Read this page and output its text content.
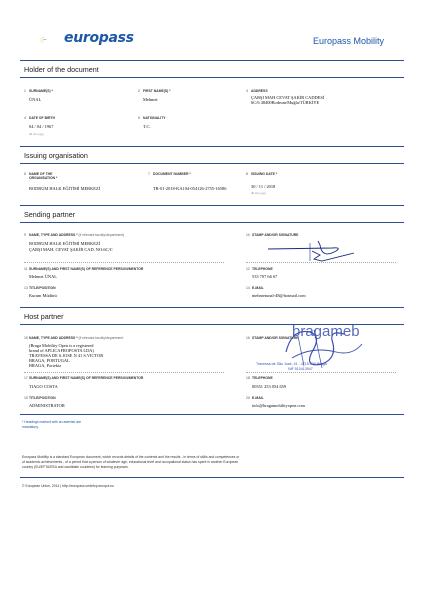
europass	Europass Mobility
Holder of the document
1 SURNAME(S) *
ÜNAL
2 FIRST NAME(S) *
Mehmet
3 ADDRESS
ÇARŞI MAH CEVAT ŞAKİR CADDESİ
6C/6 48400Bodrum/Muğla/TÜRKİYE
4 DATE OF BIRTH
04 / 04 / 1967
dd mm yyyy
5 NATIONALITY
T.C.
Issuing organisation
6 NAME OF THE ORGANISATION *
BODRUM HALK EĞİTİMİ MERKEZİ
7 DOCUMENT NUMBER *
TR-01-2018-KA104-054126-2755-16586
8 ISSUING DATE *
30 / 11 / 2018
dd mm yyyy
Sending partner
9 NAME, TYPE AND ADDRESS * (if relevant faculty/department)
BODRUM HALK EĞİTİMİ MERKEZİ
ÇARŞI MAH. CEVAT ŞAKİR CAD. NO:6C/C
10 STAMP AND/OR SIGNATURE
11 SURNAME(S) AND FIRST NAME(S) OF REFERENCE PERSON/MENTOR
Mehmet ÜNAL
12 TELEPHONE
533 707 66 67
13 TITLE/POSITION
Kurum Müdürü
14 E-MAIL
mehmetunal-48@hotmail.com
Host partner
15 NAME, TYPE AND ADDRESS * (if relevant faculty/department
(Braga Mobility Open is a registered
brand of APLICAFROPOSTA LDA)
TRAVESSA DE S.JOSE N 41 S.VICTOR
BRAGA, PORTUGAL
BRAGA, Portekiz
16 STAMP AND/OR SIGNATURE
bragameb
Travessa de São José, 41 - 4715-436 Braga
NIF 510413947
17 SURNAME(S) AND FIRST NAME(S) OF REFERENCE PERSON/MENTOR
TIAGO COSTA
18 TELEPHONE
00351 253 054 659
19 TITLE/POSITION
ADMINISTRATOR
20 E-MAIL
info@bragamobilityopen.com
* Headings marked with an asterisk are
mandatory.
Europass Mobility is a standard European document, which records details of the contents and the results - in terms of skills and competences or
of academic achievements - of a period that a person of whatever age, educational level and occupational status has spent in another European
country (EU/EFTA/EEA and candidate countries) for learning purposes.
© European Union, 2014 | http://europass.cedefop.europa.eu
